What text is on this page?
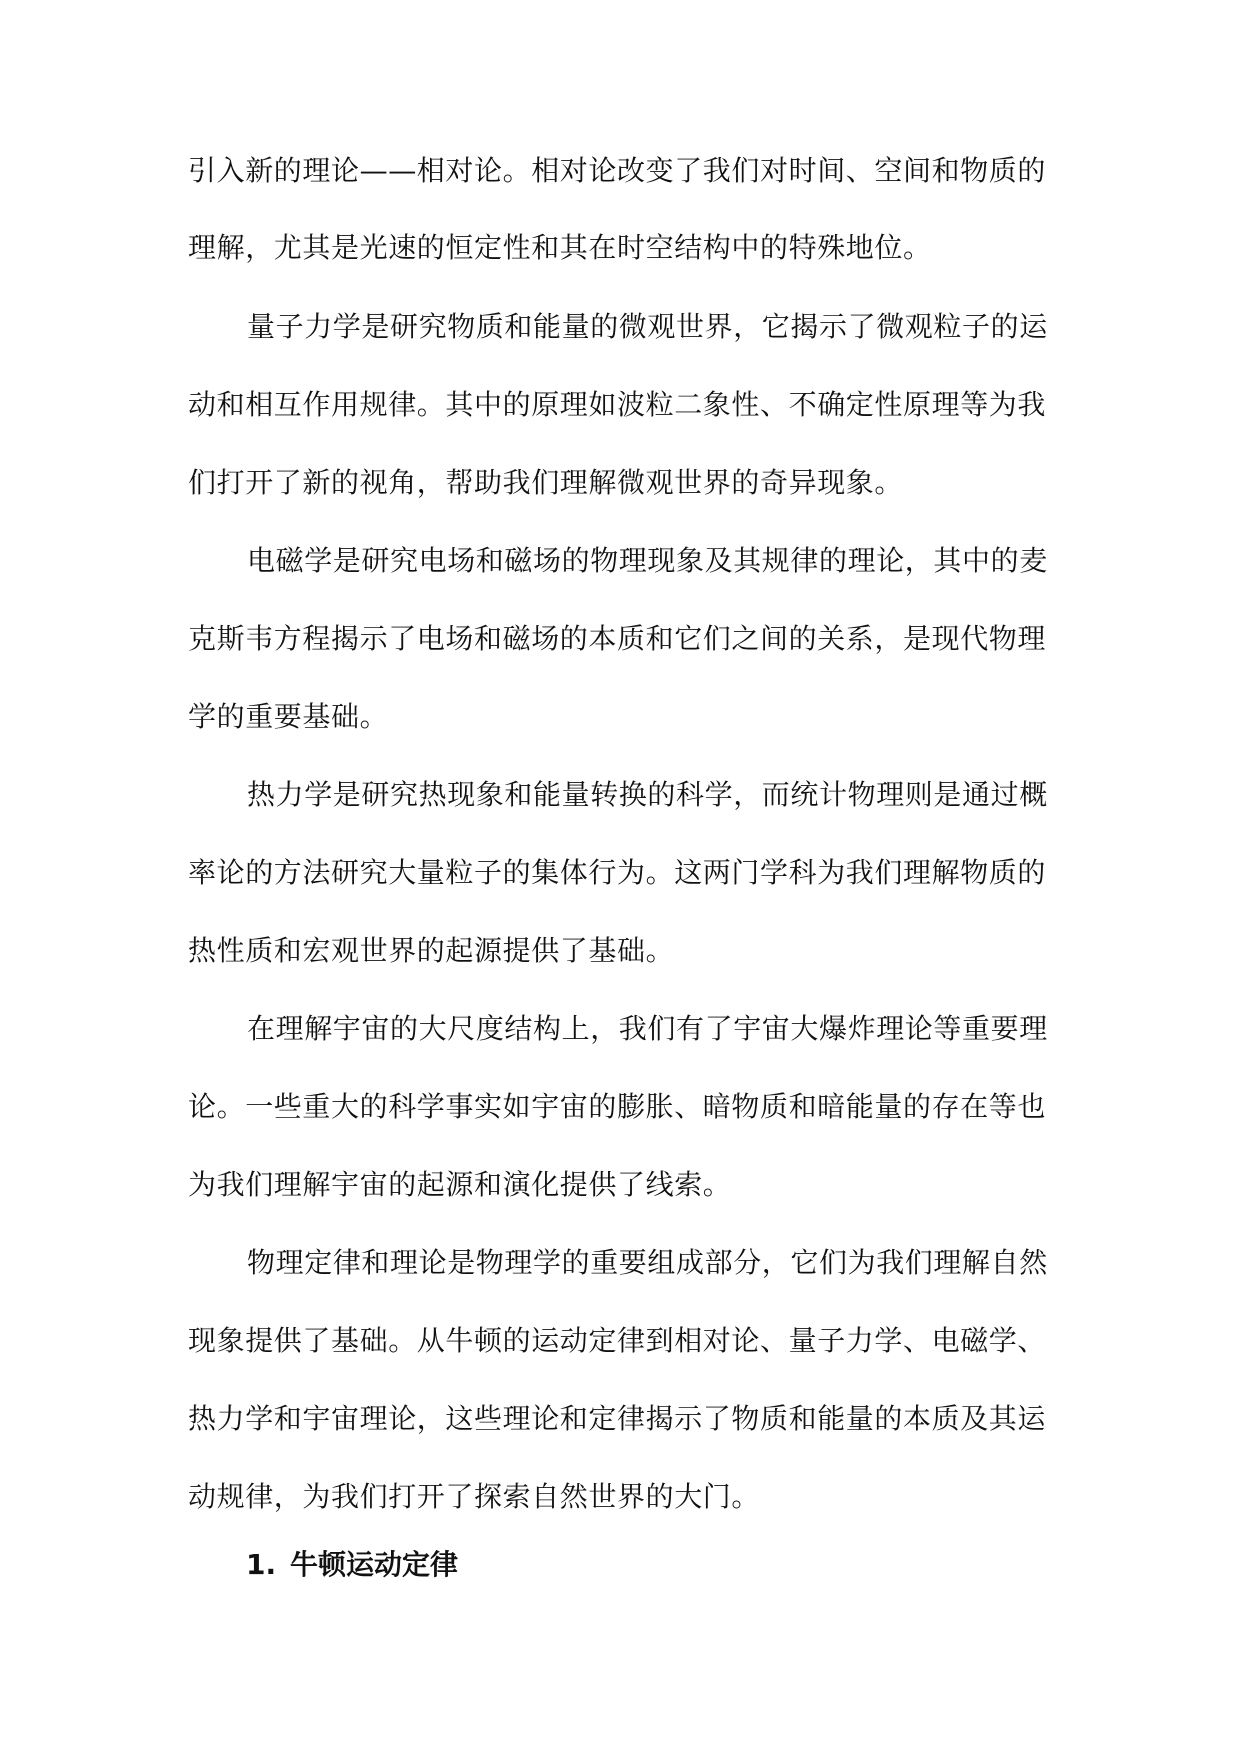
引入新的理论——相对论。相对论改变了我们对时间、空间和物质的
理解，尤其是光速的恒定性和其在时空结构中的特殊地位。
量子力学是研究物质和能量的微观世界，它揭示了微观粒子的运
动和相互作用规律。其中的原理如波粒二象性、不确定性原理等为我
们打开了新的视角，帮助我们理解微观世界的奇异现象。
电磁学是研究电场和磁场的物理现象及其规律的理论，其中的麦
克斯韦方程揭示了电场和磁场的本质和它们之间的关系，是现代物理
学的重要基础。
热力学是研究热现象和能量转换的科学，而统计物理则是通过概
率论的方法研究大量粒子的集体行为。这两门学科为我们理解物质的
热性质和宏观世界的起源提供了基础。
在理解宇宙的大尺度结构上，我们有了宇宙大爆炸理论等重要理
论。一些重大的科学事实如宇宙的膨胀、暗物质和暗能量的存在等也
为我们理解宇宙的起源和演化提供了线索。
物理定律和理论是物理学的重要组成部分，它们为我们理解自然
现象提供了基础。从牛顿的运动定律到相对论、量子力学、电磁学、
热力学和宇宙理论，这些理论和定律揭示了物质和能量的本质及其运
动规律，为我们打开了探索自然世界的大门。
1. 牛顿运动定律
